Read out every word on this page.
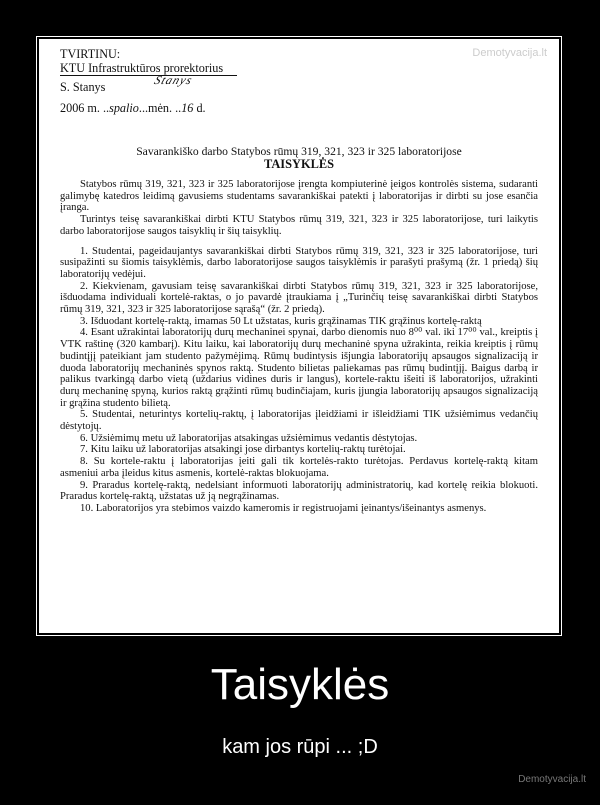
Demotyvacija.lt
TVIRTINU:
KTU Infrastruktūros prorektorius
S. Stanys	Stanys
2006 m. ..spalio...mėn. ..16 d.
Savarankiško darbo Statybos rūmų 319, 321, 323 ir 325 laboratorijose
TAISYKLĖS

Statybos rūmų 319, 321, 323 ir 325 laboratorijose įrengta kompiuterinė įeigos kontrolės sistema, sudaranti galimybę katedros leidimą gavusiems studentams savarankiškai patekti į laboratorijas ir dirbti su jose esančia įranga.

Turintys teisę savarankiškai dirbti KTU Statybos rūmų 319, 321, 323 ir 325 laboratorijose, turi laikytis darbo laboratorijose saugos taisyklių ir šių taisyklių.

1. Studentai, pageidaujantys savarankiškai dirbti Statybos rūmų 319, 321, 323 ir 325 laboratorijose, turi susipažinti su šiomis taisyklėmis, darbo laboratorijose saugos taisyklėmis ir parašyti prašymą (žr. 1 priedą) šių laboratorijų vedėjui.

2. Kiekvienam, gavusiam teisę savarankiškai dirbti Statybos rūmų 319, 321, 323 ir 325 laboratorijose, išduodama individuali kortelė-raktas, o jo pavardė įtraukiama į „Turinčių teisę savarankiškai dirbti Statybos rūmų 319, 321, 323 ir 325 laboratorijose sąrašą“ (žr. 2 priedą).

3. Išduodant kortelę-raktą, imamas 50 Lt užstatas, kuris grąžinamas TIK grąžinus kortelę-raktą

4. Esant užrakintai laboratorijų durų mechaninei spynai, darbo dienomis nuo 8⁰⁰ val. iki 17⁰⁰ val., kreiptis į VTK raštinę (320 kambarį). Kitu laiku, kai laboratorijų durų mechaninė spyna užrakinta, reikia kreiptis į rūmų budintįjį pateikiant jam studento pažymėjimą. Rūmų budintysis išjungia laboratorijų apsaugos signalizaciją ir duoda laboratorijų mechaninės spynos raktą. Studento bilietas paliekamas pas rūmų budintįjį. Baigus darbą ir palikus tvarkingą darbo vietą (uždarius vidines duris ir langus), kortele-raktu išeiti iš laboratorijos, užrakinti durų mechaninę spyną, kurios raktą grąžinti rūmų budinčiajam, kuris įjungia laboratorijų apsaugos signalizaciją ir grąžina studento bilietą.

5. Studentai, neturintys kortelių-raktų, į laboratorijas įleidžiami ir išleidžiami TIK užsiėmimus vedančių dėstytojų.

6. Užsiėmimų metu už laboratorijas atsakingas užsiėmimus vedantis dėstytojas.

7. Kitu laiku už laboratorijas atsakingi jose dirbantys kortelių-raktų turėtojai.

8. Su kortele-raktu į laboratorijas įeiti gali tik kortelės-rakto turėtojas. Perdavus kortelę-raktą kitam asmeniui arba įleidus kitus asmenis, kortelė-raktas blokuojama.

9. Praradus kortelę-raktą, nedelsiant informuoti laboratorijų administratorių, kad kortelę reikia blokuoti. Praradus kortelę-raktą, užstatas už ją negrąžinamas.

10. Laboratorijos yra stebimos vaizdo kameromis ir registruojami įeinantys/išeinantys asmenys.

Taisyklės
kam jos rūpi ... ;D
Demotyvacija.lt
